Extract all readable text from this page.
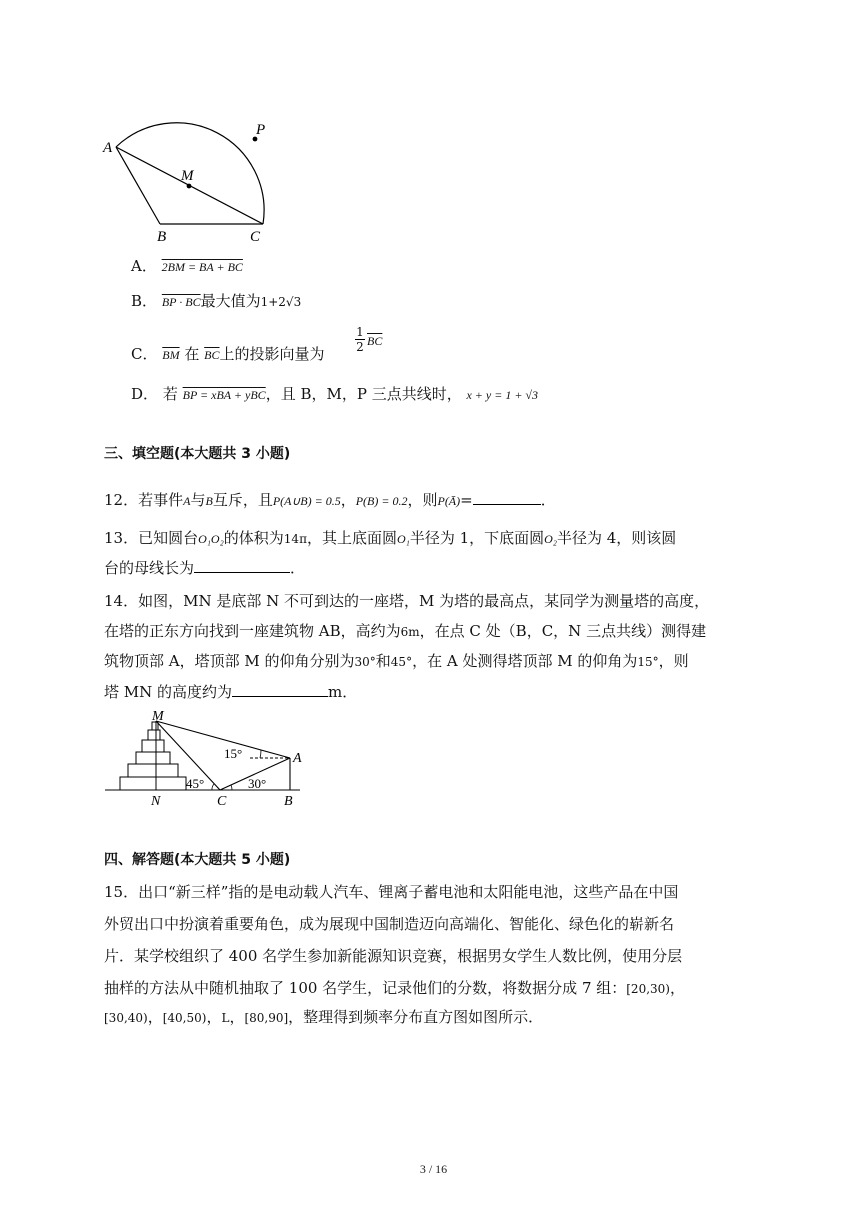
A
P
M
B	C
A． 2BM = BA + BC
B． BP · BC最大值为1+2√3
C． $\overline{BM}$ 在 $\overline{BC}$上的投影向量为
1
2 $\overline{BC}$
D． 若 BP = xBA + yBC，且 B，M，P 三点共线时， x + y = 1 + √3
三、填空题(本大题共 3 小题)
12．若事件A与B互斥，且P(A∪B) = 0.5，P(B) = 0.2，则P(Ā)=	．
13．已知圆台O₁O₂的体积为14π，其上底面圆O₁半径为 1，下底面圆O₂半径为 4，则该圆
台的母线长为	．
14．如图，MN 是底部 N 不可到达的一座塔，M 为塔的最高点，某同学为测量塔的高度，
在塔的正东方向找到一座建筑物 AB，高约为6m，在点 C 处（B，C，N 三点共线）测得建
筑物顶部 A，塔顶部 M 的仰角分别为30°和45°，在 A 处测得塔顶部 M 的仰角为15°，则
塔 MN 的高度约为	m．
M
N	C	B
A
15°
45°	30°
四、解答题(本大题共 5 小题)
15．出口“新三样”指的是电动载人汽车、锂离子蓄电池和太阳能电池，这些产品在中国
外贸出口中扮演着重要角色，成为展现中国制造迈向高端化、智能化、绿色化的崭新名
片．某学校组织了 400 名学生参加新能源知识竞赛，根据男女学生人数比例，使用分层
抽样的方法从中随机抽取了 100 名学生，记录他们的分数，将数据分成 7 组：[20,30)，
[30,40)，[40,50)，L，[80,90]，整理得到频率分布直方图如图所示．
3 / 16
